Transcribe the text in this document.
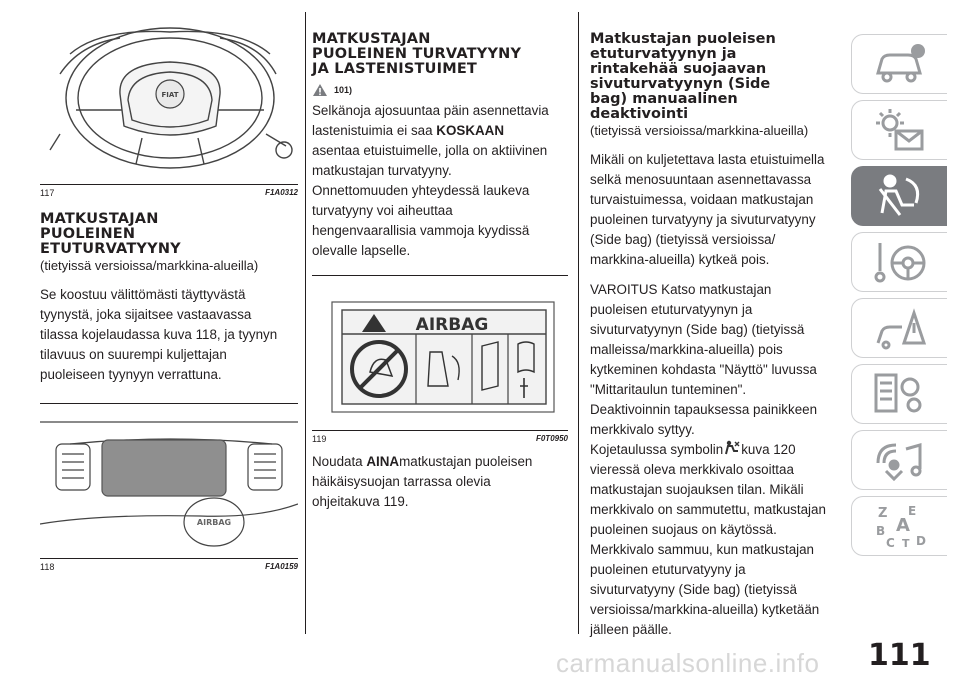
FIAT
117	F1A0312
MATKUSTAJAN
PUOLEINEN
ETUTURVATYYNY
(tietyissä versioissa/markkina-alueilla)

Se koostuu välittömästi täyttyvästä
tyynystä, joka sijaitsee vastaavassa
tilassa kojelaudassa kuva 118, ja tyynyn
tilavuus on suurempi kuljettajan
puoleiseen tyynyyn verrattuna.

AIRBAG
118	F1A0159
MATKUSTAJAN
PUOLEINEN TURVATYYNY
JA LASTENISTUIMET
101)

Selkänoja ajosuuntaa päin asennettavia
lastenistuimia ei saa KOSKAAN
asentaa etuistuimelle, jolla on aktiivinen
matkustajan turvatyyny.
Onnettomuuden yhteydessä laukeva
turvatyyny voi aiheuttaa
hengenvaarallisia vammoja kyydissä
olevalle lapselle.

AIRBAG
119	F0T0950

Noudata AINAmatkustajan puoleisen
häikäisysuojan tarrassa olevia
ohjeitakuva 119.

Matkustajan puoleisen
etuturvatyynyn ja
rintakehää suojaavan
sivuturvatyynyn (Side
bag) manuaalinen
deaktivointi
(tietyissä versioissa/markkina-alueilla)

Mikäli on kuljetettava lasta etuistuimella
selkä menosuuntaan asennettavassa
turvaistuimessa, voidaan matkustajan
puoleinen turvatyyny ja sivuturvatyyny
(Side bag) (tietyissä versioissa/
markkina-alueilla) kytkeä pois.

VAROITUS Katso matkustajan
puoleisen etuturvatyynyn ja
sivuturvatyynyn (Side bag) (tietyissä
malleissa/markkina-alueilla) pois
kytkeminen kohdasta "Näyttö" luvussa
"Mittaritaulun tunteminen".
Deaktivoinnin tapauksessa painikkeen
merkkivalo syttyy.
Kojetaulussa symbolin kuva 120
vieressä oleva merkkivalo osoittaa
matkustajan suojauksen tilan. Mikäli
merkkivalo on sammutettu, matkustajan
puoleinen suojaus on käytössä.
Merkkivalo sammuu, kun matkustajan
puoleinen etuturvatyyny ja
sivuturvatyyny (Side bag) (tietyissä
versioissa/markkina-alueilla) kytketään
jälleen päälle.

Z E
B A
C T D
carmanualsonline.info 111
